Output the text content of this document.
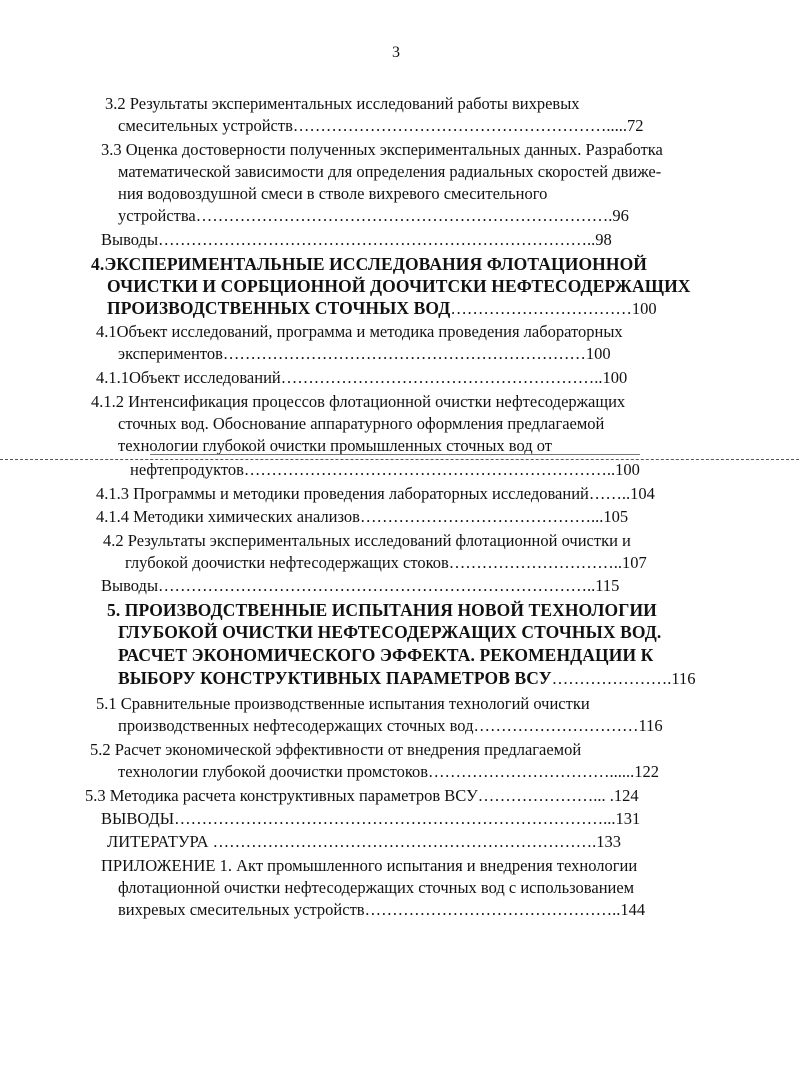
3
3.2 Результаты экспериментальных исследований работы вихревых
смесительных устройств………………………………………………….....72
3.3 Оценка достоверности полученных экспериментальных данных. Разработка
математической зависимости для определения радиальных скоростей движе-
ния водовоздушной смеси в стволе вихревого смесительного
устройства………………………………………………………………….96
Выводы……………………………………………………………………..98
4.ЭКСПЕРИМЕНТАЛЬНЫЕ ИССЛЕДОВАНИЯ ФЛОТАЦИОННОЙ
ОЧИСТКИ И СОРБЦИОННОЙ ДООЧИТСКИ НЕФТЕСОДЕРЖАЩИХ
ПРОИЗВОДСТВЕННЫХ СТОЧНЫХ ВОД……………………………100
4.1Объект исследований, программа и методика проведения лабораторных
экспериментов…………………………………………………………100
4.1.1Объект исследований…………………………………………………..100
4.1.2 Интенсификация процессов флотационной очистки нефтесодержащих
сточных вод. Обоснование аппаратурного оформления предлагаемой
технологии глубокой очистки промышленных сточных вод от
нефтепродуктов…………………………………………………………..100
4.1.3 Программы и методики проведения лабораторных исследований……..104
4.1.4 Методики химических анализов……………………………………...105
4.2 Результаты экспериментальных исследований флотационной очистки и
глубокой доочистки нефтесодержащих стоков…………………………..107
Выводы……………………………………………………………………..115
5. ПРОИЗВОДСТВЕННЫЕ ИСПЫТАНИЯ НОВОЙ ТЕХНОЛОГИИ
ГЛУБОКОЙ ОЧИСТКИ НЕФТЕСОДЕРЖАЩИХ СТОЧНЫХ ВОД.
РАСЧЕТ ЭКОНОМИЧЕСКОГО ЭФФЕКТА. РЕКОМЕНДАЦИИ К
ВЫБОРУ КОНСТРУКТИВНЫХ ПАРАМЕТРОВ ВСУ………………….116
5.1 Сравнительные производственные испытания технологий очистки
производственных нефтесодержащих сточных вод…………………………116
5.2 Расчет экономической эффективности от внедрения предлагаемой
технологии глубокой доочистки промстоков……………………………......122
5.3 Методика расчета конструктивных параметров ВСУ…………………... .124
ВЫВОДЫ……………………………………………………………………...131
ЛИТЕРАТУРА …………………………………………………………….133
ПРИЛОЖЕНИЕ 1. Акт промышленного испытания и внедрения технологии
флотационной очистки нефтесодержащих сточных вод с использованием
вихревых смесительных устройств………………………………………..144
